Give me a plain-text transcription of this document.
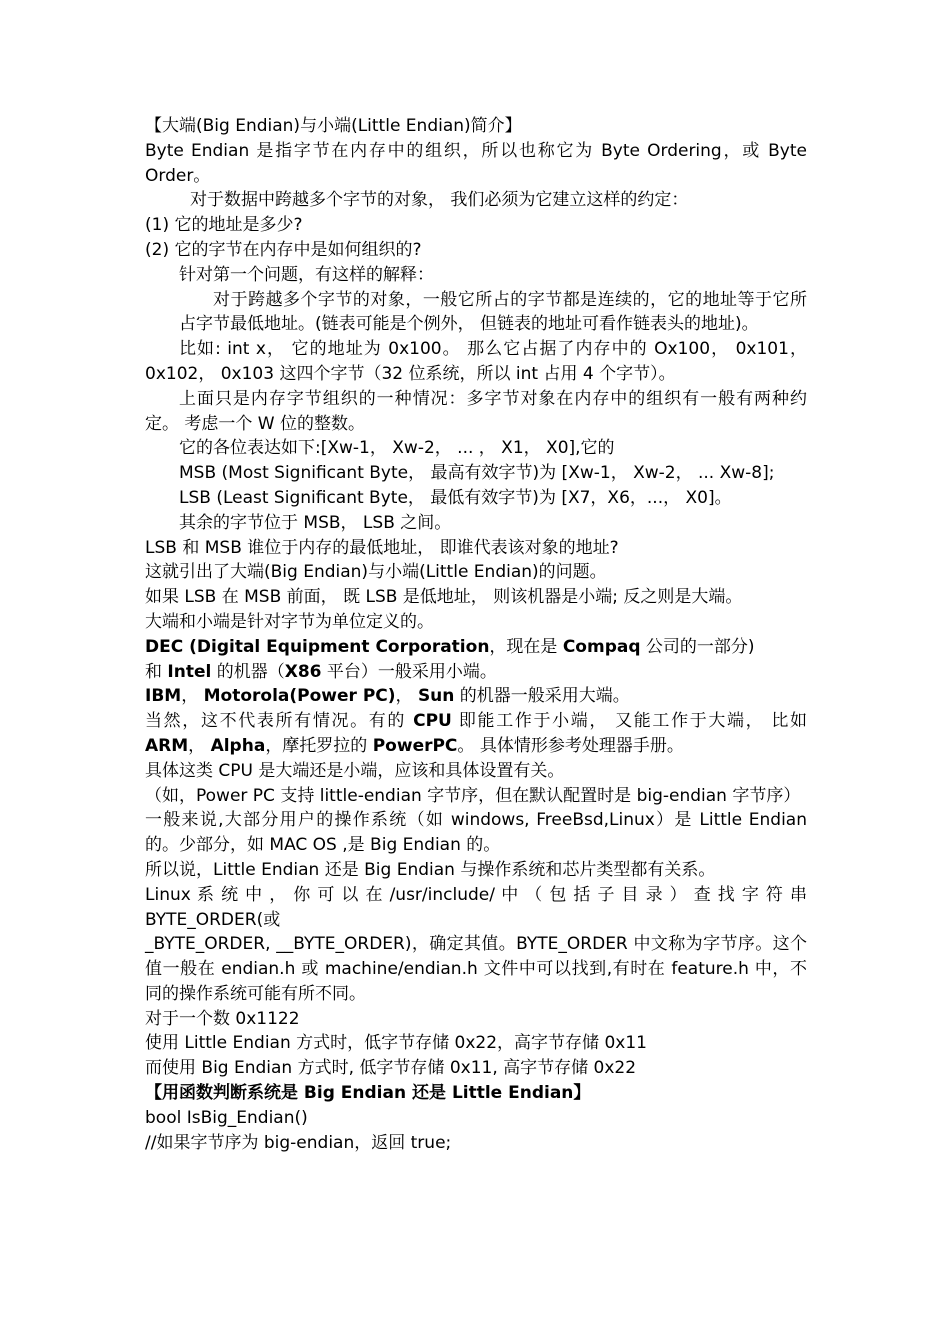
【大端(Big Endian)与小端(Little Endian)简介】

Byte Endian 是指字节在内存中的组织，所以也称它为 Byte Ordering，或 Byte Order。

对于数据中跨越多个字节的对象， 我们必须为它建立这样的约定：

(1) 它的地址是多少?

(2) 它的字节在内存中是如何组织的?

针对第一个问题，有这样的解释：

对于跨越多个字节的对象，一般它所占的字节都是连续的，它的地址等于它所占字节最低地址。(链表可能是个例外， 但链表的地址可看作链表头的地址)。

比如: int x， 它的地址为 0x100。 那么它占据了内存中的 Ox100， 0x101，0x102， 0x103 这四个字节（32 位系统，所以 int 占用 4 个字节）。

上面只是内存字节组织的一种情况：多字节对象在内存中的组织有一般有两种约定。 考虑一个 W 位的整数。

它的各位表达如下:[Xw-1， Xw-2， ... ， X1， X0],它的

MSB (Most Significant Byte， 最高有效字节)为 [Xw-1， Xw-2， ... Xw-8];

LSB (Least Significant Byte， 最低有效字节)为 [X7，X6，...， X0]。

其余的字节位于 MSB， LSB 之间。

LSB 和 MSB 谁位于内存的最低地址， 即谁代表该对象的地址?

这就引出了大端(Big Endian)与小端(Little Endian)的问题。

如果 LSB 在 MSB 前面， 既 LSB 是低地址， 则该机器是小端; 反之则是大端。

大端和小端是针对字节为单位定义的。

DEC (Digital Equipment Corporation，现在是 Compaq 公司的一部分)
和 Intel 的机器（X86 平台）一般采用小端。

IBM， Motorola(Power PC)， Sun 的机器一般采用大端。

当然，这不代表所有情况。有的 CPU 即能工作于小端， 又能工作于大端， 比如 ARM， Alpha，摩托罗拉的 PowerPC。 具体情形参考处理器手册。

具体这类 CPU 是大端还是小端，应该和具体设置有关。

（如，Power PC 支持 little-endian 字节序，但在默认配置时是 big-endian 字节序）

一般来说,大部分用户的操作系统（如 windows, FreeBsd,Linux）是 Little Endian 的。少部分，如 MAC OS ,是 Big Endian 的。

所以说，Little Endian 还是 Big Endian 与操作系统和芯片类型都有关系。

Linux 系 统 中 ， 你 可 以 在 /usr/include/ 中 （ 包 括 子 目 录 ） 查 找 字 符 串 BYTE_ORDER(或

_BYTE_ORDER, __BYTE_ORDER)，确定其值。BYTE_ORDER 中文称为字节序。这个值一般在 endian.h 或 machine/endian.h 文件中可以找到,有时在 feature.h 中，不同的操作系统可能有所不同。

对于一个数 0x1122

使用 Little Endian 方式时，低字节存储 0x22，高字节存储 0x11

而使用 Big Endian 方式时, 低字节存储 0x11, 高字节存储 0x22

【用函数判断系统是 Big Endian 还是 Little Endian】

bool IsBig_Endian()

//如果字节序为 big-endian，返回 true;
